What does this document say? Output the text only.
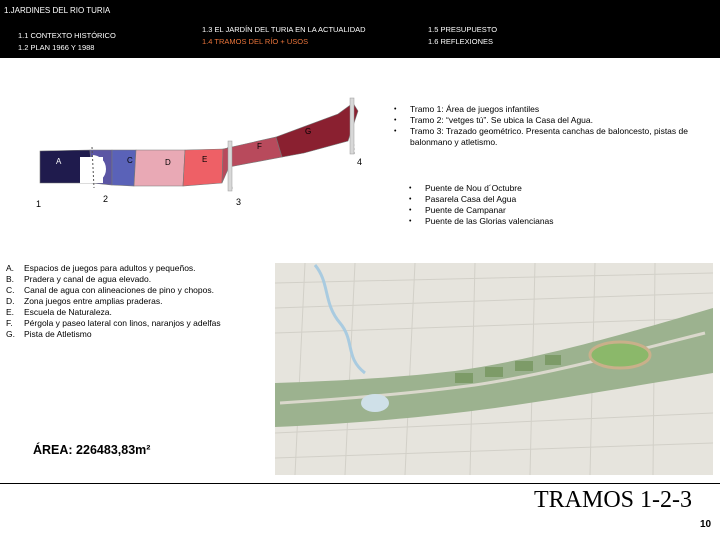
1.JARDINES DEL RIO TURIA
1.1 CONTEXTO HISTÓRICO
1.2 PLAN 1966 Y 1988
1.3 EL JARDÍN DEL TURIA EN LA ACTUALIDAD
1.4 TRAMOS DEL RÍO + USOS
1.5 PRESUPUESTO
1.6 REFLEXIONES
A	B	C	D	E
F
G
1	2	3
4
• Tramo 1: Área de juegos infantiles
• Tramo 2: “vetges tú”. Se ubica la Casa del Agua.
• Tramo 3: Trazado geométrico. Presenta canchas de baloncesto, pistas de balonmano y atletismo.
• Puente de Nou d´Octubre
• Pasarela Casa del Agua
• Puente de Campanar
• Puente de las Glorias valencianas
A. Espacios de juegos para adultos y pequeños.
B. Pradera y canal de agua elevado.
C. Canal de agua con alineaciones de pino y chopos.
D. Zona juegos entre amplias praderas.
E. Escuela de Naturaleza.
F. Pérgola y paseo lateral con linos, naranjos y adelfas
G. Pista de Atletismo
ÁREA: 226483,83m²
TRAMOS 1-2-3
10
